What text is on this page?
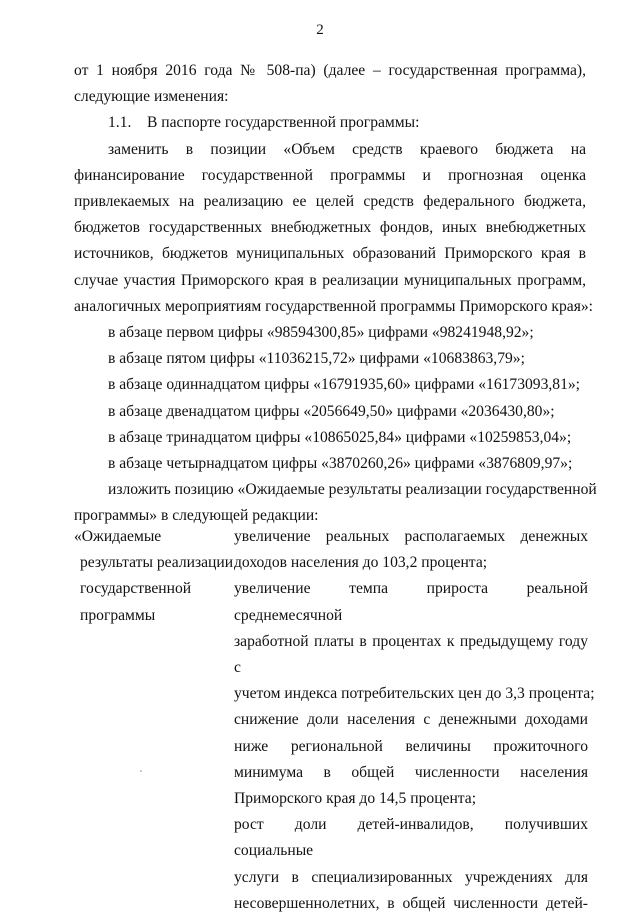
2
от 1 ноября 2016 года № 508-па) (далее – государственная программа),
следующие изменения:
1.1.    В паспорте государственной программы:
заменить в позиции «Объем средств краевого бюджета на
финансирование государственной программы и прогнозная оценка
привлекаемых на реализацию ее целей средств федерального бюджета,
бюджетов государственных внебюджетных фондов, иных внебюджетных
источников, бюджетов муниципальных образований Приморского края в
случае участия Приморского края в реализации муниципальных программ,
аналогичных мероприятиям государственной программы Приморского края»:
в абзаце первом цифры «98594300,85» цифрами «98241948,92»;
в абзаце пятом цифры «11036215,72» цифрами «10683863,79»;
в абзаце одиннадцатом цифры «16791935,60» цифрами «16173093,81»;
в абзаце двенадцатом цифры «2056649,50» цифрами «2036430,80»;
в абзаце тринадцатом цифры «10865025,84» цифрами «10259853,04»;
в абзаце четырнадцатом цифры «3870260,26» цифрами «3876809,97»;
изложить позицию «Ожидаемые результаты реализации государственной
программы» в следующей редакции:
«Ожидаемые
результаты реализации
государственной
программы
увеличение реальных располагаемых денежных
доходов населения до 103,2 процента;
увеличение темпа прироста реальной среднемесячной
заработной платы в процентах к предыдущему году с
учетом индекса потребительских цен до 3,3 процента;
снижение доли населения с денежными доходами
ниже региональной величины прожиточного
минимума в общей численности населения
Приморского края до 14,5 процента;
рост доли детей-инвалидов, получивших социальные
услуги в специализированных учреждениях для
несовершеннолетних, в общей численности детей-
